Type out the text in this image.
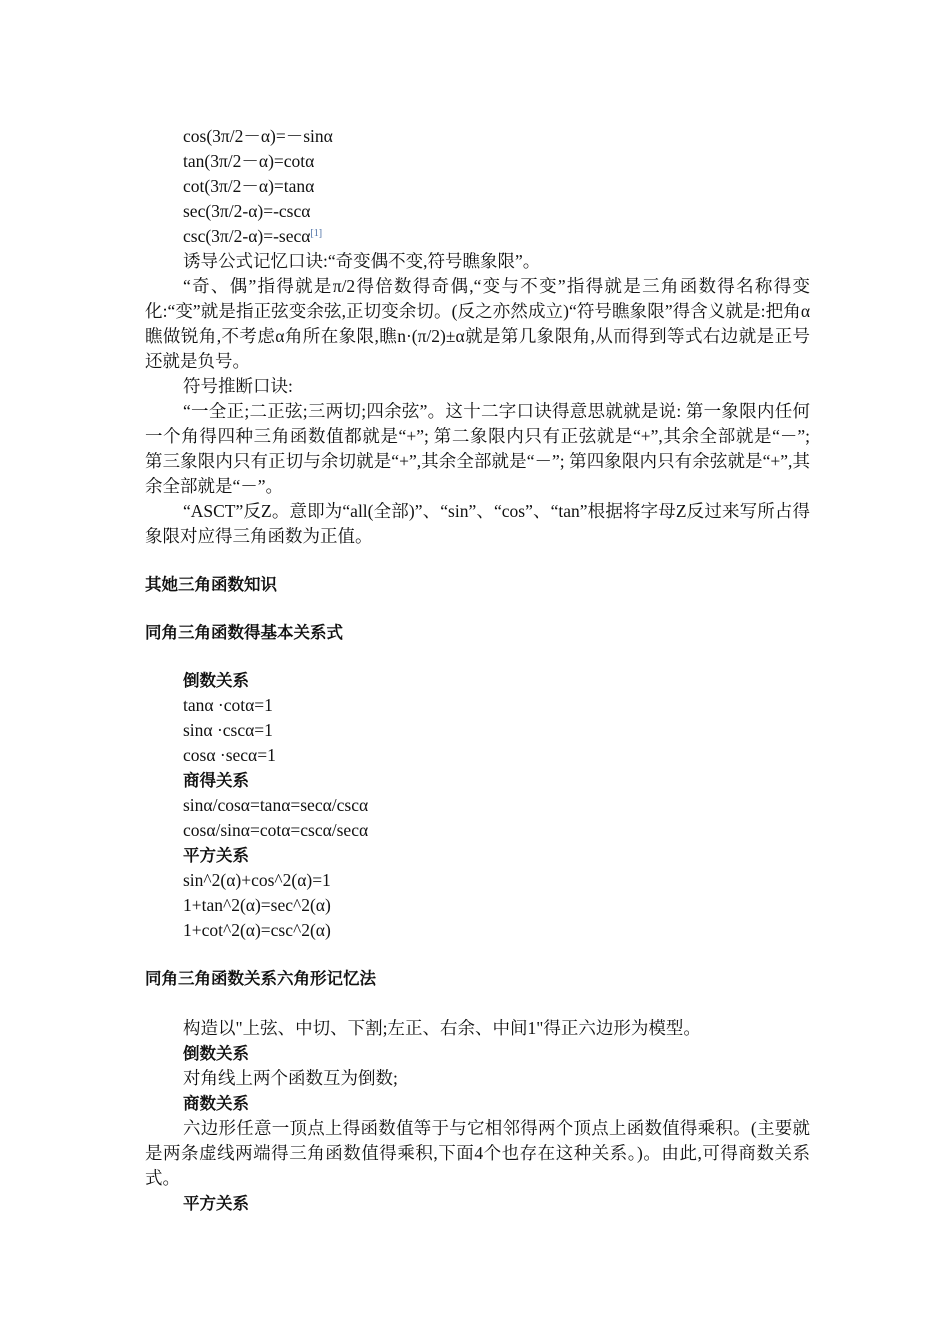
cos(3π/2－α)=－sinα
tan(3π/2－α)=cotα
cot(3π/2－α)=tanα
sec(3π/2-α)=-cscα
csc(3π/2-α)=-secα[1]
诱导公式记忆口诀:“奇变偶不变,符号瞧象限”。
“奇、偶”指得就是π/2得倍数得奇偶,“变与不变”指得就是三角函数得名称得变化:“变”就是指正弦变余弦,正切变余切。(反之亦然成立)“符号瞧象限”得含义就是:把角α瞧做锐角,不考虑α角所在象限,瞧n·(π/2)±α就是第几象限角,从而得到等式右边就是正号还就是负号。
符号推断口诀:
“一全正;二正弦;三两切;四余弦”。这十二字口诀得意思就就是说: 第一象限内任何一个角得四种三角函数值都就是“+”; 第二象限内只有正弦就是“+”,其余全部就是“－”; 第三象限内只有正切与余切就是“+”,其余全部就是“－”; 第四象限内只有余弦就是“+”,其余全部就是“－”。
“ASCT”反Z。意即为“all(全部)”、“sin”、“cos”、“tan”根据将字母Z反过来写所占得象限对应得三角函数为正值。
其她三角函数知识
同角三角函数得基本关系式
倒数关系
tanα ·cotα=1
sinα ·cscα=1
cosα ·secα=1
商得关系
sinα/cosα=tanα=secα/cscα
cosα/sinα=cotα=cscα/secα
平方关系
sin^2(α)+cos^2(α)=1
1+tan^2(α)=sec^2(α)
1+cot^2(α)=csc^2(α)
同角三角函数关系六角形记忆法
构造以"上弦、中切、下割;左正、右余、中间1"得正六边形为模型。
倒数关系
对角线上两个函数互为倒数;
商数关系
六边形任意一顶点上得函数值等于与它相邻得两个顶点上函数值得乘积。(主要就是两条虚线两端得三角函数值得乘积,下面4个也存在这种关系。)。由此,可得商数关系式。
平方关系
